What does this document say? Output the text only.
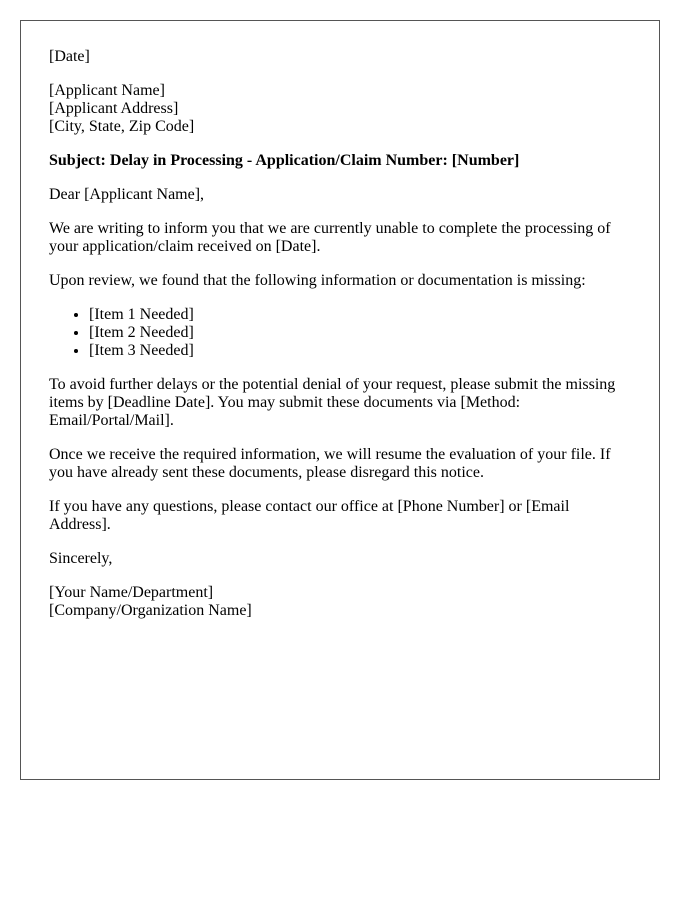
[Date]

[Applicant Name]
[Applicant Address]
[City, State, Zip Code]

Subject: Delay in Processing - Application/Claim Number: [Number]

Dear [Applicant Name],

We are writing to inform you that we are currently unable to complete the processing of your application/claim received on [Date].

Upon review, we found that the following information or documentation is missing:

• [Item 1 Needed]
• [Item 2 Needed]
• [Item 3 Needed]

To avoid further delays or the potential denial of your request, please submit the missing items by [Deadline Date]. You may submit these documents via [Method: Email/Portal/Mail].

Once we receive the required information, we will resume the evaluation of your file. If you have already sent these documents, please disregard this notice.

If you have any questions, please contact our office at [Phone Number] or [Email Address].

Sincerely,

[Your Name/Department]
[Company/Organization Name]
